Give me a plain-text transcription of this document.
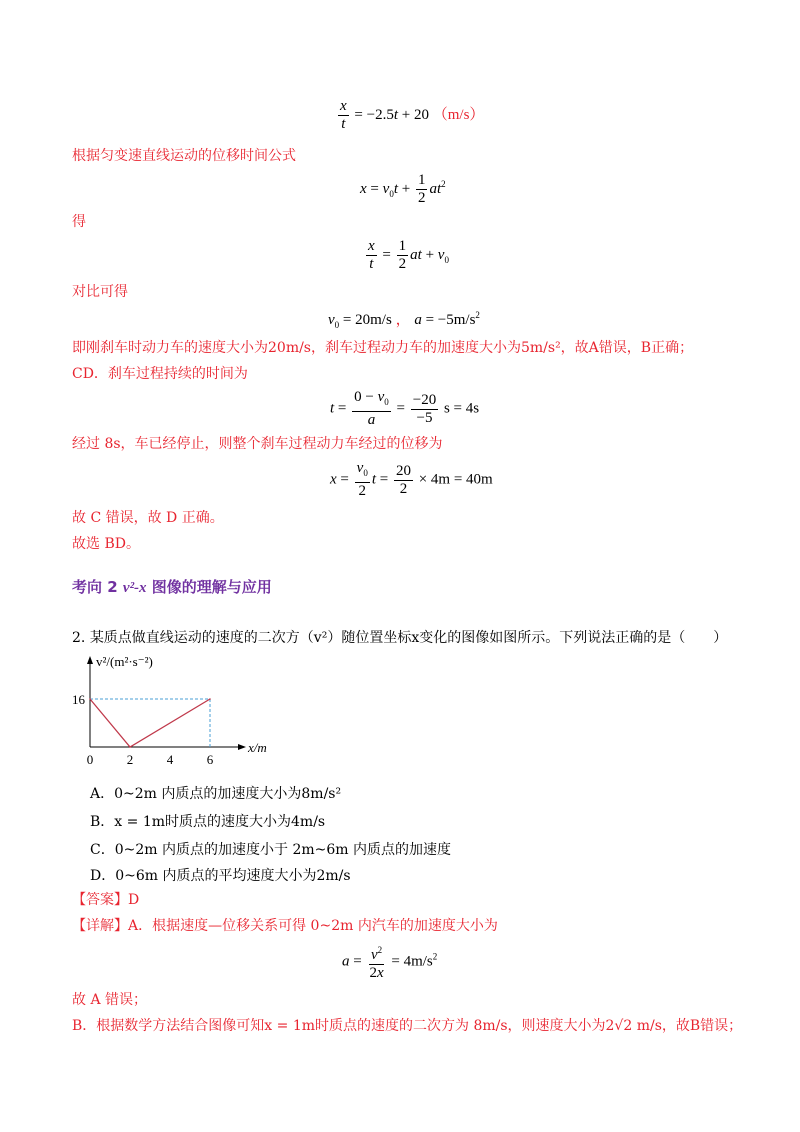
$\frac{x}{t} = -2.5t + 20$ （m/s）
根据匀变速直线运动的位移时间公式
$x = v_0t + \frac{1}{2} at^2$
得
$\frac{x}{t} = \frac{1}{2}$ at + $v_0$
对比可得
$v_0 = 20m/s$ ， $a = -5m/s^2$
即刚刹车时动力车的速度大小为20m/s，刹车过程动力车的加速度大小为5m/s²，故A错误，B正确；
CD．刹车过程持续的时间为
$t = \frac{0 - v_0}{a} = \frac{-20}{-5}$ s = 4s
经过 8s，车已经停止，则整个刹车过程动力车经过的位移为
$x = \frac{v_0}{2}$ $t = \frac{20}{2} \times 4m = 40m$
故 C 错误，故 D 正确。
故选 BD。
考向 2 v²-x 图像的理解与应用
2. 某质点做直线运动的速度的二次方（v²）随位置坐标x变化的图像如图所示。下列说法正确的是（　　）
0	2	4	6
16
x/m
v²/(m²·s⁻²)
A．0~2m 内质点的加速度大小为8m/s²
B．x = 1m时质点的速度大小为4m/s
C．0~2m 内质点的加速度小于 2m~6m 内质点的加速度
D．0~6m 内质点的平均速度大小为2m/s
【答案】D
【详解】A．根据速度—位移关系可得 0~2m 内汽车的加速度大小为
$a = \frac{v^2}{2x} = 4m/s^2$
故 A 错误；
B．根据数学方法结合图像可知x = 1m时质点的速度的二次方为 8m/s，则速度大小为2√2 m/s，故B错误；
